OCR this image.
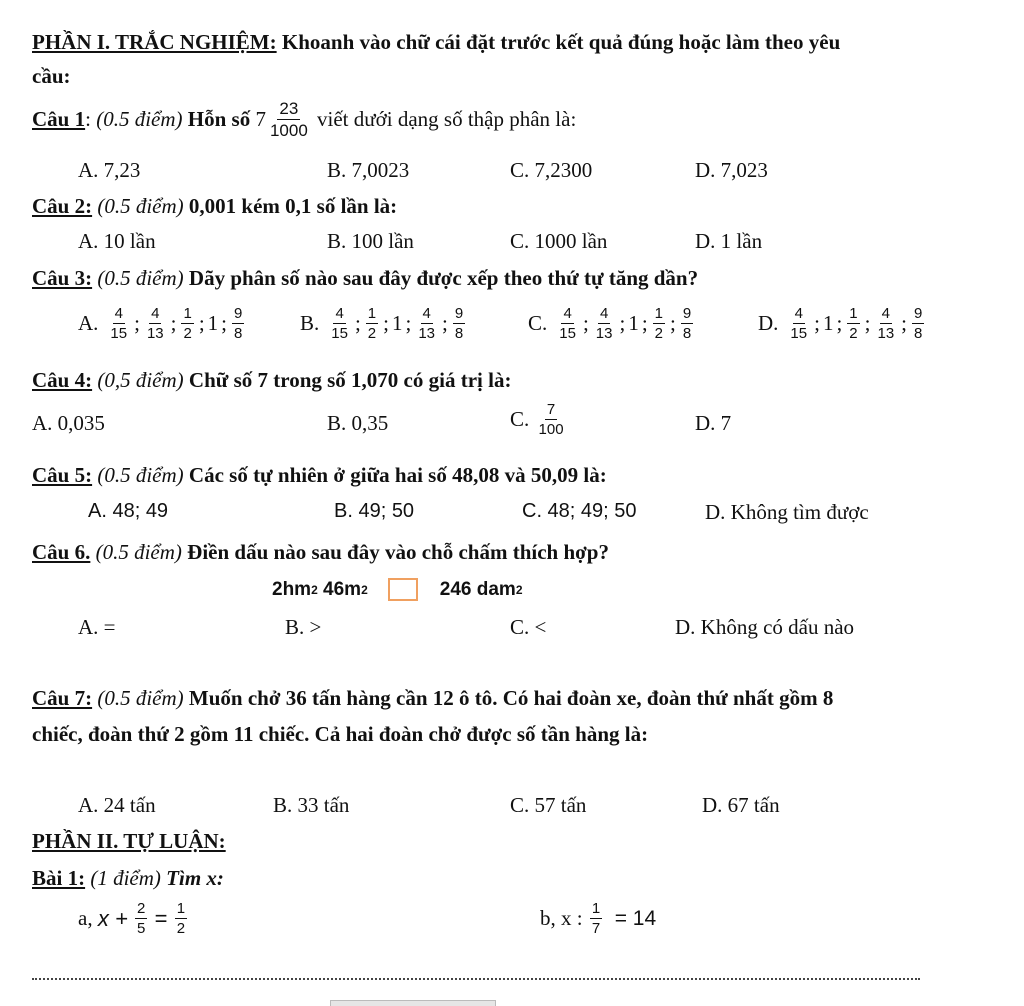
PHẦN I. TRẮC NGHIỆM: Khoanh vào chữ cái đặt trước kết quả đúng hoặc làm theo yêu
cầu:
Câu 1 :
(0.5 điểm)
Hỗn số
$7 \frac{23}{1000}$
viết dưới dạng số thập phân là:
A. 7,23	B. 7,0023	C. 7,2300	D. 7,023
Câu 2: (0.5 điểm) 0,001 kém 0,1 số lần là:
A. 10 lần	B. 100 lần	C. 1000 lần	D. 1 lần
Câu 3: (0.5 điểm) Dãy phân số nào sau đây được xếp theo thứ tự tăng dần?
A. $\frac{4}{15}$ ; $\frac{4}{13}$ ; $\frac{1}{2}$ ; 1 ; $\frac{9}{8}$	B. $\frac{4}{15}$ ; $\frac{1}{2}$ ; 1 ; $\frac{4}{13}$ ; $\frac{9}{8}$	C. $\frac{4}{15}$ ; $\frac{4}{13}$ ; 1 ; $\frac{1}{2}$ ; $\frac{9}{8}$	D. $\frac{4}{15}$ ; 1 ; $\frac{1}{2}$ ; $\frac{4}{13}$ ; $\frac{9}{8}$
Câu 4: (0,5 điểm) Chữ số 7 trong số 1,070 có giá trị là:
A. 0,035	B. 0,35	C.
$\frac{7}{100}$	D. 7
Câu 5: (0.5 điểm) Các số tự nhiên ở giữa hai số 48,08 và 50,09 là:
A. 48; 49	B. 49; 50	C. 48; 49; 50	D. Không tìm được
Câu 6. (0.5 điểm) Điền dấu nào sau đây vào chỗ chấm thích hợp?
2hm 2
46m 2	246 dam 2
A. =	B. >	C. <	D. Không có dấu nào
Câu 7: (0.5 điểm) Muốn chở 36 tấn hàng cần 12 ô tô. Có hai đoàn xe, đoàn thứ nhất gồm 8
chiếc, đoàn thứ 2 gồm 11 chiếc. Cả hai đoàn chở được số tần hàng là:
A. 24 tấn	B. 33 tấn	C. 57 tấn	D. 67 tấn
PHẦN II. TỰ LUẬN:
Bài 1: (1 điểm) Tìm x:
a,
x +
$\frac{2}{5}$
=
$\frac{1}{2}$	b, x :
$\frac{1}{7}$
= 14
